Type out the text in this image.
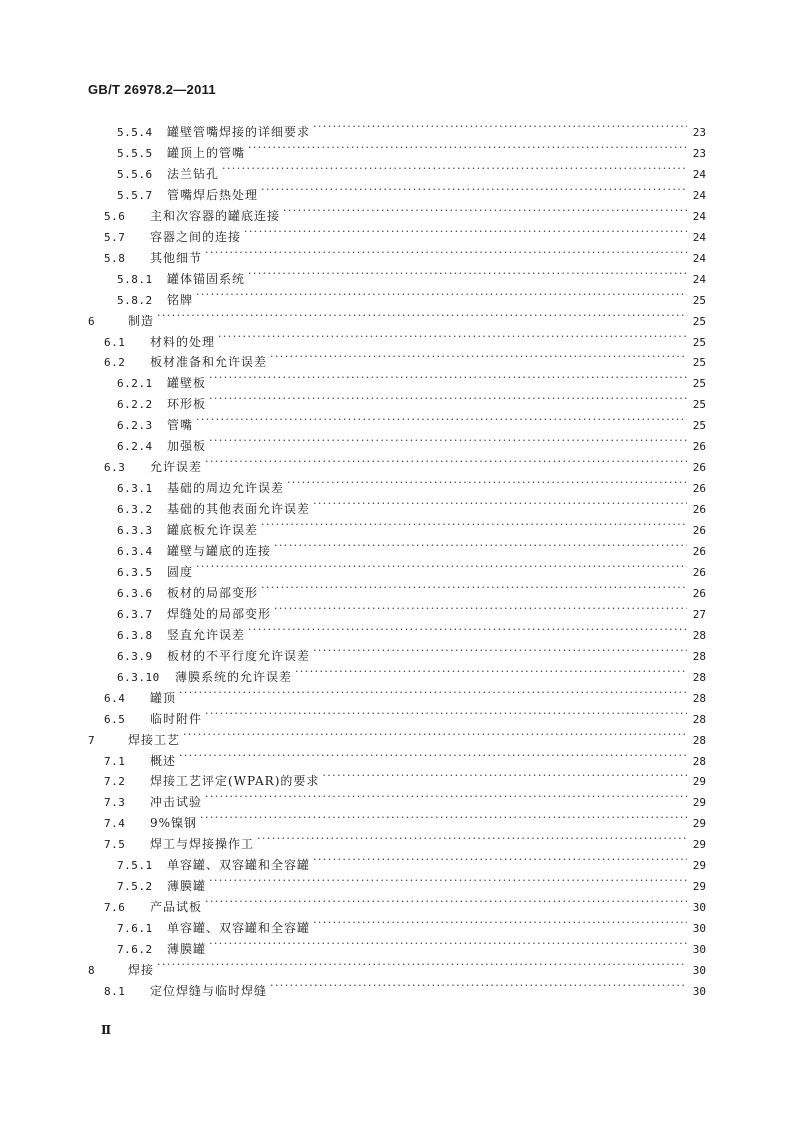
GB/T 26978.2—2011
5.5.4	罐壁管嘴焊接的详细要求 ·····	23
5.5.5	罐顶上的管嘴 ·····	23
5.5.6	法兰钻孔 ·····	24
5.5.7	管嘴焊后热处理 ·····	24
5.6	主和次容器的罐底连接 ·····	24
5.7	容器之间的连接 ·····	24
5.8	其他细节 ·····	24
5.8.1	罐体锚固系统 ·····	24
5.8.2	铭牌 ·····	25
6	制造 ·····	25
6.1	材料的处理 ·····	25
6.2	板材准备和允许误差 ·····	25
6.2.1	罐壁板 ·····	25
6.2.2	环形板 ·····	25
6.2.3	管嘴 ·····	25
6.2.4	加强板 ·····	26
6.3	允许误差 ·····	26
6.3.1	基础的周边允许误差 ·····	26
6.3.2	基础的其他表面允许误差 ·····	26
6.3.3	罐底板允许误差 ·····	26
6.3.4	罐壁与罐底的连接 ·····	26
6.3.5	圆度 ·····	26
6.3.6	板材的局部变形 ·····	26
6.3.7	焊缝处的局部变形 ·····	27
6.3.8	竖直允许误差 ·····	28
6.3.9	板材的不平行度允许误差 ·····	28
6.3.10	薄膜系统的允许误差 ·····	28
6.4	罐顶 ·····	28
6.5	临时附件 ·····	28
7	焊接工艺 ·····	28
7.1	概述 ·····	28
7.2	焊接工艺评定(WPAR)的要求 ·····	29
7.3	冲击试验 ·····	29
7.4	9%镍钢 ·····	29
7.5	焊工与焊接操作工 ·····	29
7.5.1	单容罐、双容罐和全容罐 ·····	29
7.5.2	薄膜罐 ·····	29
7.6	产品试板 ·····	30
7.6.1	单容罐、双容罐和全容罐 ·····	30
7.6.2	薄膜罐 ·····	30
8	焊接 ·····	30
8.1	定位焊缝与临时焊缝 ·····	30
Ⅱ
